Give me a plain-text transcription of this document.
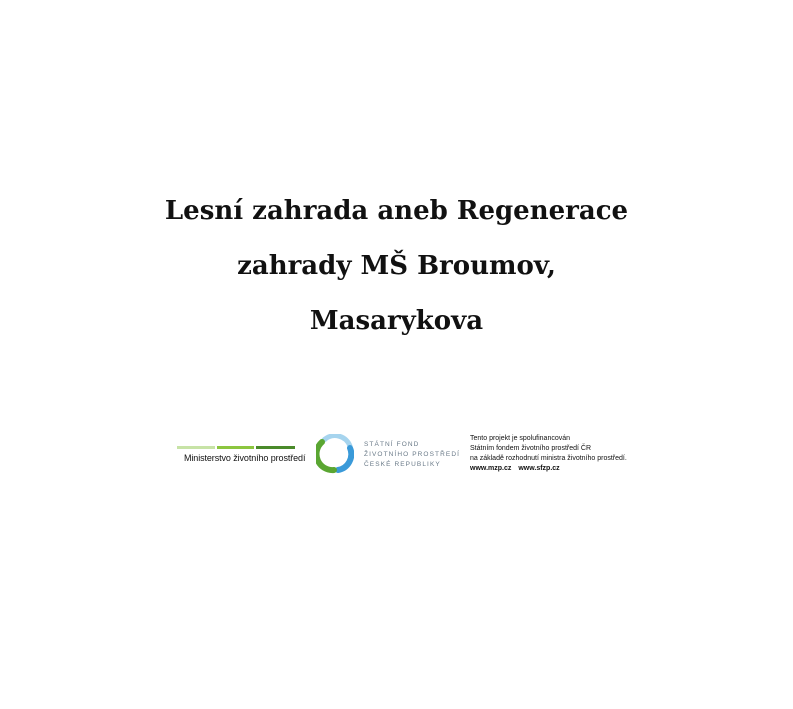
Lesní zahrada aneb Regenerace
zahrady MŠ Broumov,
Masarykova
Ministerstvo životního prostředí
STÁTNÍ FOND
ŽIVOTNÍHO PROSTŘEDÍ
ČESKÉ REPUBLIKY
Tento projekt je spolufinancován
Státním fondem životního prostředí ČR
na základě rozhodnutí ministra životního prostředí.
www.mzp.cz www.sfzp.cz
